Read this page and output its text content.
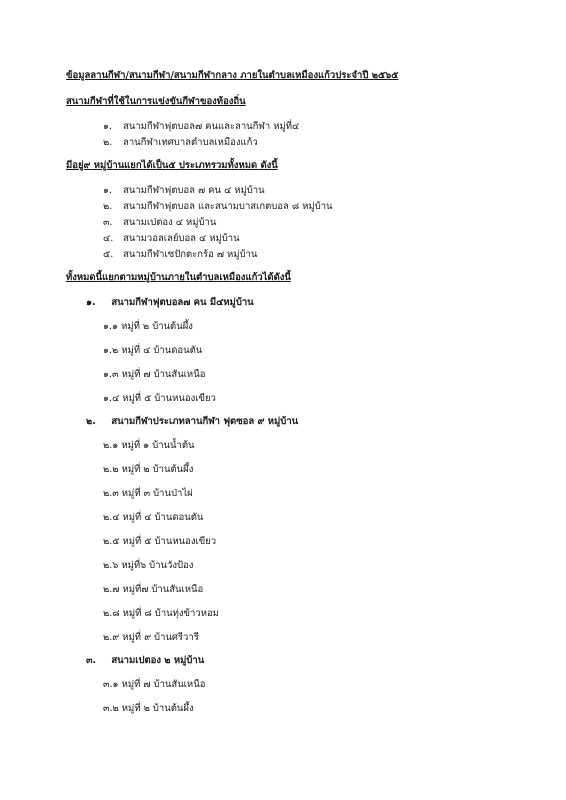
ข้อมูลลานกีฬา/สนามกีฬา/สนามกีฬากลาง ภายในตำบลเหมืองแก้วประจำปี ๒๕๖๕
สนามกีฬาที่ใช้ในการแข่งขันกีฬาของท้องถิ่น
๑. สนามกีฬาฟุตบอล๗ คนและลานกีฬา หมู่ที่๔
๒. ลานกีฬาเทศบาลตำบลเหมืองแก้ว
มีอยู่๙ หมู่บ้านแยกได้เป็น๕ ประเภทรวมทั้งหมด ดังนี้
๑. สนามกีฬาฟุตบอล ๗ คน ๔ หมู่บ้าน
๒. สนามกีฬาฟุตบอล และสนามบาสเกตบอล ๘ หมู่บ้าน
๓. สนามเปตอง ๔ หมู่บ้าน
๔. สนามวอลเลย์บอล ๔ หมู่บ้าน
๕. สนามกีฬาเซปักตะกร้อ ๗ หมู่บ้าน
ทั้งหมดนี้แยกตามหมู่บ้านภายในตำบลเหมืองแก้วได้ดังนี้
๑. สนามกีฬาฟุตบอล๗ คน มี๔หมู่บ้าน
๑.๑ หมู่ที่ ๒ บ้านต้นผึ้ง
๑.๒ หมู่ที่ ๔ บ้านดอนตัน
๑.๓ หมู่ที่ ๗ บ้านสันเหนือ
๑.๔ หมู่ที่ ๕ บ้านหนองเขียว
๒. สนามกีฬาประเภทลานกีฬา ฟุตซอล ๙ หมู่บ้าน
๒.๑ หมู่ที่ ๑ บ้านน้ำต้น
๒.๒ หมู่ที่ ๒ บ้านต้นผึ้ง
๒.๓ หมู่ที่ ๓ บ้านป่าไผ่
๒.๔ หมู่ที่ ๔ บ้านดอนตัน
๒.๕ หมู่ที่ ๕ บ้านหนองเขียว
๒.๖ หมู่ที่๖ บ้านวังป้อง
๒.๗ หมู่ที่๗ บ้านสันเหนือ
๒.๘ หมู่ที่ ๘ บ้านทุ่งข้าวหอม
๒.๙ หมู่ที่ ๙ บ้านศรีวารี
๓. สนามเปตอง ๒ หมู่บ้าน
๓.๑ หมู่ที่ ๗ บ้านสันเหนือ
๓.๒ หมู่ที่ ๒ บ้านต้นผึ้ง
